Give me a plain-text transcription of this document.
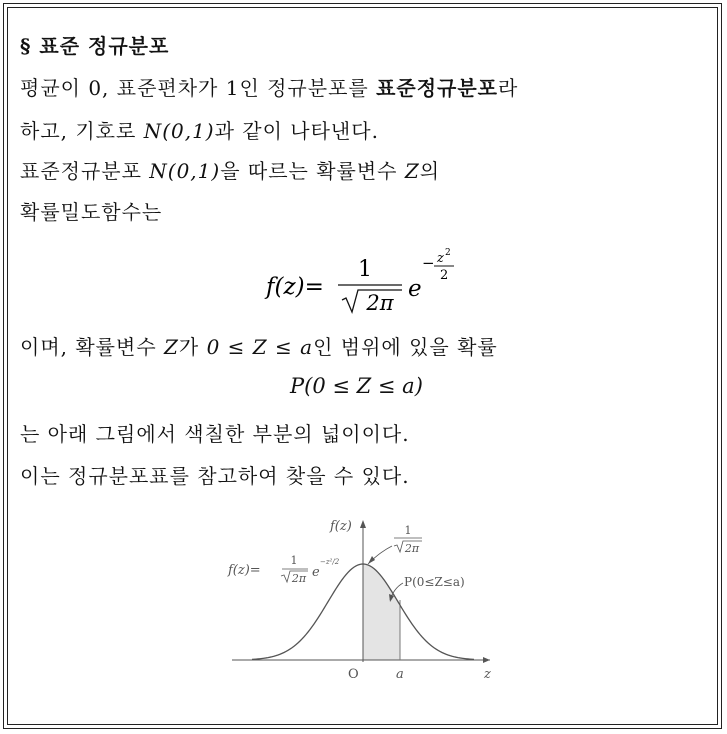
§ 표준 정규분포
평균이 0, 표준편차가 1인 정규분포를 표준정규분포라
하고, 기호로 N(0,1)과 같이 나타낸다.
표준정규분포 N(0,1)을 따르는 확률변수 Z의
확률밀도함수는
f(z)=
1
2π
e
− z 2
2
이며, 확률변수 Z가 0 ≤ Z ≤ a인 범위에 있을 확률
P(0 ≤ Z ≤ a)
는 아래 그림에서 색칠한 부분의 넓이이다.
이는 정규분포표를 참고하여 찾을 수 있다.
f(z)
z
O	a
1
2π
f(z)=
1
2π e
−z²/2
P(0≤Z≤a)
